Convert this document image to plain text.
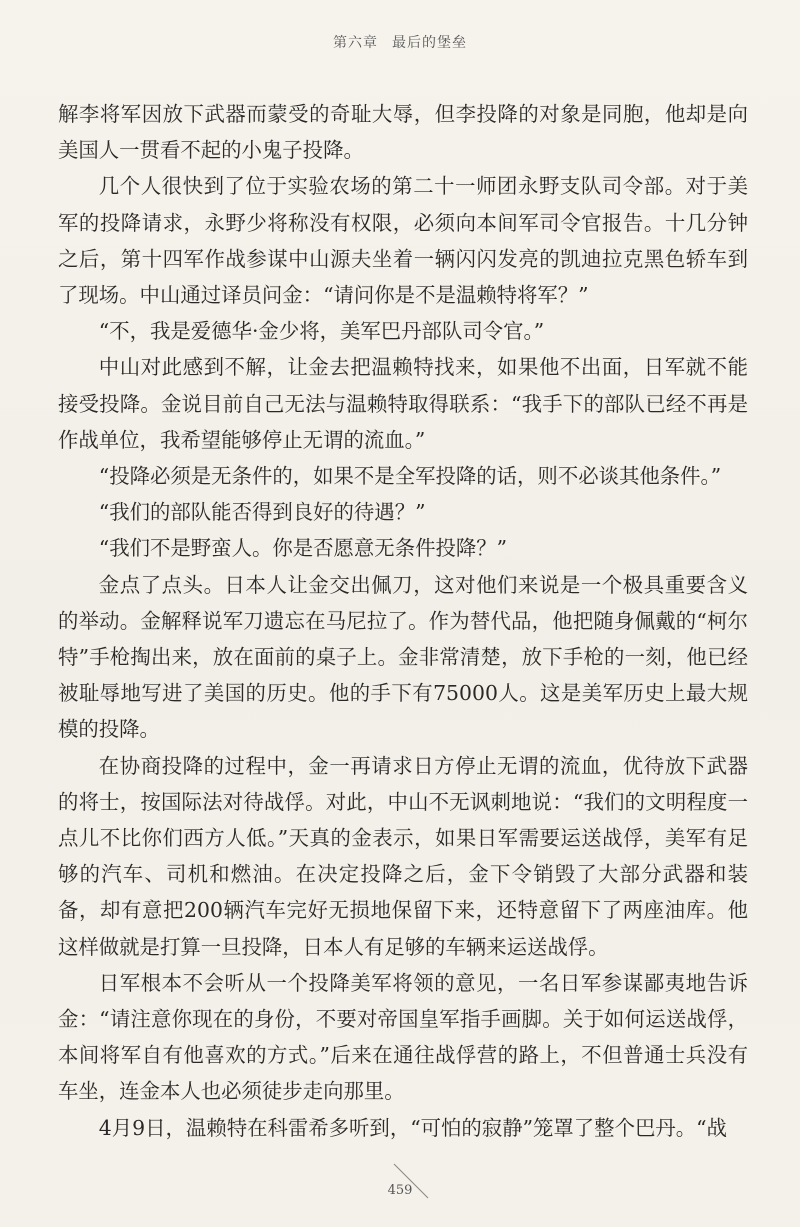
第六章 最后的堡垒

解李将军因放下武器而蒙受的奇耻大辱，但李投降的对象是同胞，他却是向美国人一贯看不起的小鬼子投降。

几个人很快到了位于实验农场的第二十一师团永野支队司令部。对于美军的投降请求，永野少将称没有权限，必须向本间军司令官报告。十几分钟之后，第十四军作战参谋中山源夫坐着一辆闪闪发亮的凯迪拉克黑色轿车到了现场。中山通过译员问金：“请问你是不是温赖特将军？”

“不，我是爱德华·金少将，美军巴丹部队司令官。”

中山对此感到不解，让金去把温赖特找来，如果他不出面，日军就不能接受投降。金说目前自己无法与温赖特取得联系：“我手下的部队已经不再是作战单位，我希望能够停止无谓的流血。”

“投降必须是无条件的，如果不是全军投降的话，则不必谈其他条件。”

“我们的部队能否得到良好的待遇？”

“我们不是野蛮人。你是否愿意无条件投降？”

金点了点头。日本人让金交出佩刀，这对他们来说是一个极具重要含义的举动。金解释说军刀遗忘在马尼拉了。作为替代品，他把随身佩戴的“柯尔特”手枪掏出来，放在面前的桌子上。金非常清楚，放下手枪的一刻，他已经被耻辱地写进了美国的历史。他的手下有75000人。这是美军历史上最大规模的投降。

在协商投降的过程中，金一再请求日方停止无谓的流血，优待放下武器的将士，按国际法对待战俘。对此，中山不无讽刺地说：“我们的文明程度一点儿不比你们西方人低。”天真的金表示，如果日军需要运送战俘，美军有足够的汽车、司机和燃油。在决定投降之后，金下令销毁了大部分武器和装备，却有意把200辆汽车完好无损地保留下来，还特意留下了两座油库。他这样做就是打算一旦投降，日本人有足够的车辆来运送战俘。

日军根本不会听从一个投降美军将领的意见，一名日军参谋鄙夷地告诉金：“请注意你现在的身份，不要对帝国皇军指手画脚。关于如何运送战俘，本间将军自有他喜欢的方式。”后来在通往战俘营的路上，不但普通士兵没有车坐，连金本人也必须徒步走向那里。

4月9日，温赖特在科雷希多听到，“可怕的寂静”笼罩了整个巴丹。“战

459
